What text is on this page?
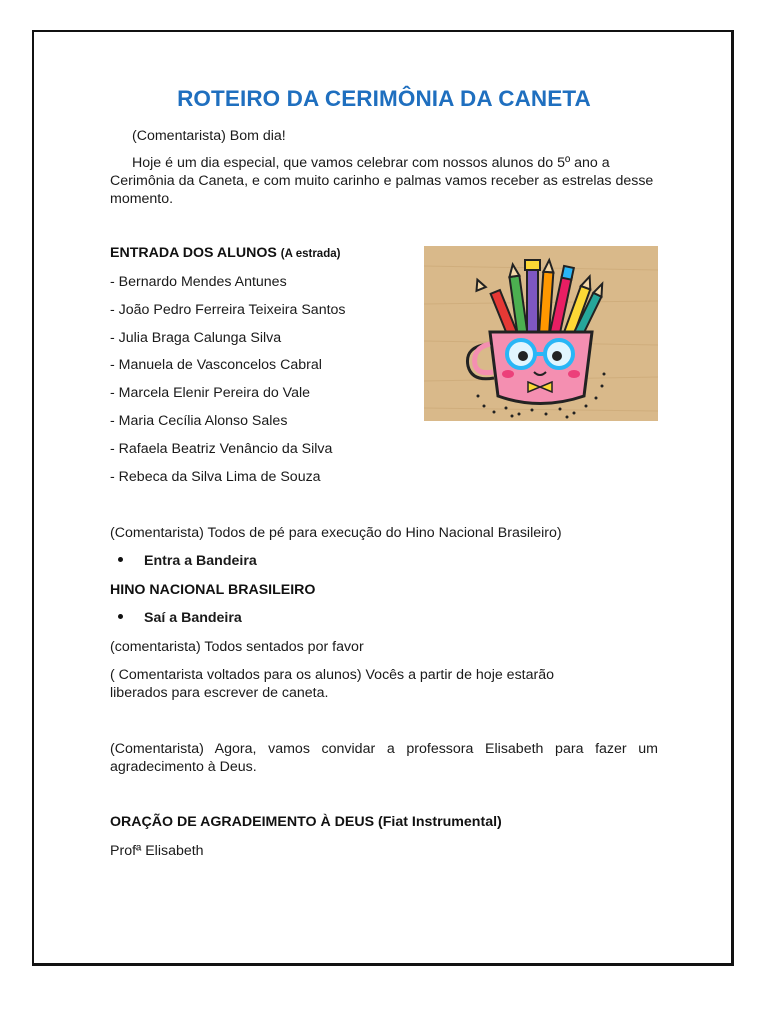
ROTEIRO DA CERIMÔNIA DA CANETA
(Comentarista) Bom dia!
Hoje é um dia especial, que vamos celebrar com nossos alunos do 5º ano a Cerimônia da Caneta, e com muito carinho e palmas vamos receber as estrelas desse momento.
ENTRADA DOS ALUNOS (A estrada)
- Bernardo Mendes Antunes
- João Pedro Ferreira Teixeira Santos
- Julia Braga Calunga Silva
- Manuela de Vasconcelos Cabral
- Marcela Elenir Pereira do Vale
- Maria Cecília Alonso Sales
- Rafaela Beatriz Venâncio da Silva
- Rebeca da Silva Lima de Souza
(Comentarista) Todos de pé para execução do Hino Nacional Brasileiro)
Entra a Bandeira
HINO NACIONAL BRASILEIRO
Saí a Bandeira
(comentarista) Todos sentados por favor
( Comentarista voltados para os alunos) Vocês a partir de hoje estarão liberados para escrever de caneta.
(Comentarista) Agora, vamos convidar a professora Elisabeth para fazer um agradecimento à Deus.
ORAÇÃO DE AGRADEIMENTO À DEUS (Fiat Instrumental)
Profª Elisabeth
